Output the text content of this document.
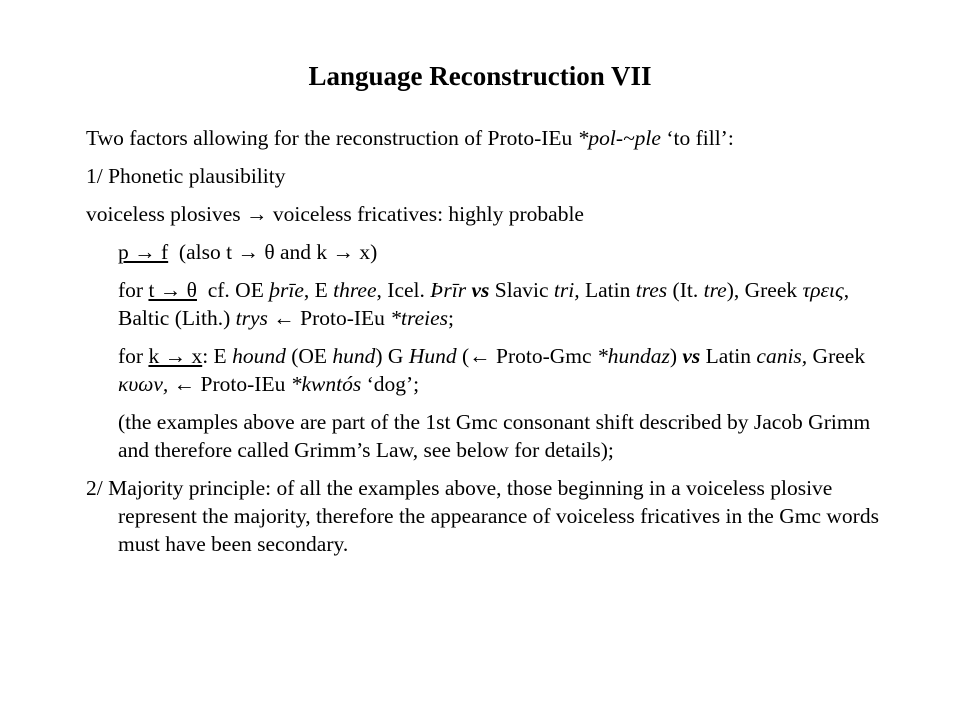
Language Reconstruction VII

Two factors allowing for the reconstruction of Proto-IEu *pol-~ple ‘to fill’:

1/ Phonetic plausibility

voiceless plosives → voiceless fricatives: highly probable

p → f  (also t → θ and k → x)

for t → θ  cf. OE þrīe, E three, Icel. Þrīr vs Slavic tri, Latin tres (It. tre), Greek τρεις, Baltic (Lith.) trys ← Proto-IEu *treies;

for k → x: E hound (OE hund) G Hund (← Proto-Gmc *hundaz) vs Latin canis, Greek κυων, ← Proto-IEu *kwntós ‘dog’;

(the examples above are part of the 1st Gmc consonant shift described by Jacob Grimm and therefore called Grimm’s Law, see below for details);

2/ Majority principle: of all the examples above, those beginning in a voiceless plosive represent the majority, therefore the appearance of voiceless fricatives in the Gmc words must have been secondary.
